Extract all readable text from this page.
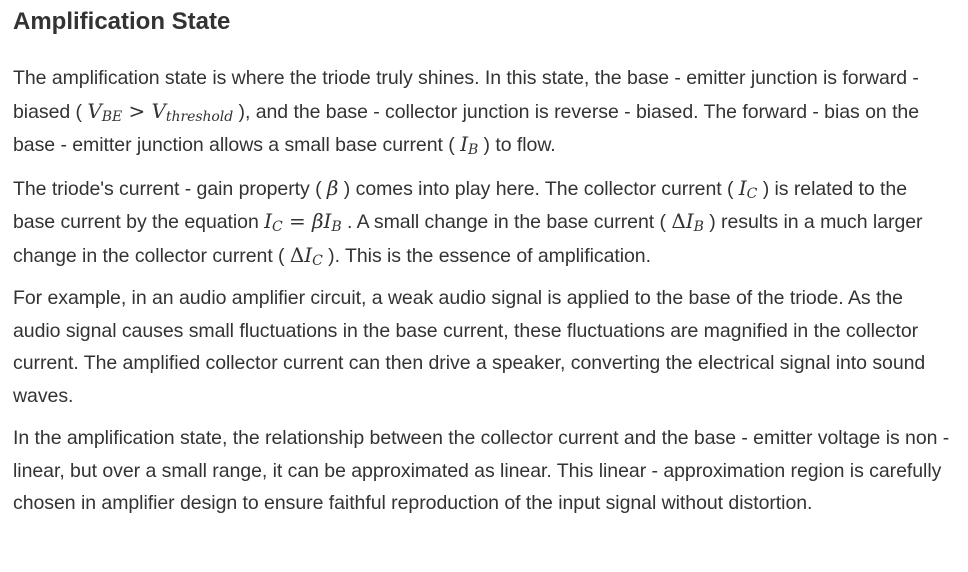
Amplification State

The amplification state is where the triode truly shines. In this state, the base - emitter junction is forward - biased ( $V_{BE} > V_{threshold}$ ), and the base - collector junction is reverse - biased. The forward - bias on the base - emitter junction allows a small base current ( $I_B$ ) to flow.

The triode's current - gain property ( β ) comes into play here. The collector current ( $I_C$ ) is related to the base current by the equation $I_C = \beta I_B$ . A small change in the base current ( $\Delta I_B$ ) results in a much larger change in the collector current ( $\Delta I_C$ ). This is the essence of amplification.

For example, in an audio amplifier circuit, a weak audio signal is applied to the base of the triode. As the audio signal causes small fluctuations in the base current, these fluctuations are magnified in the collector current. The amplified collector current can then drive a speaker, converting the electrical signal into sound waves.

In the amplification state, the relationship between the collector current and the base - emitter voltage is non - linear, but over a small range, it can be approximated as linear. This linear - approximation region is carefully chosen in amplifier design to ensure faithful reproduction of the input signal without distortion.
